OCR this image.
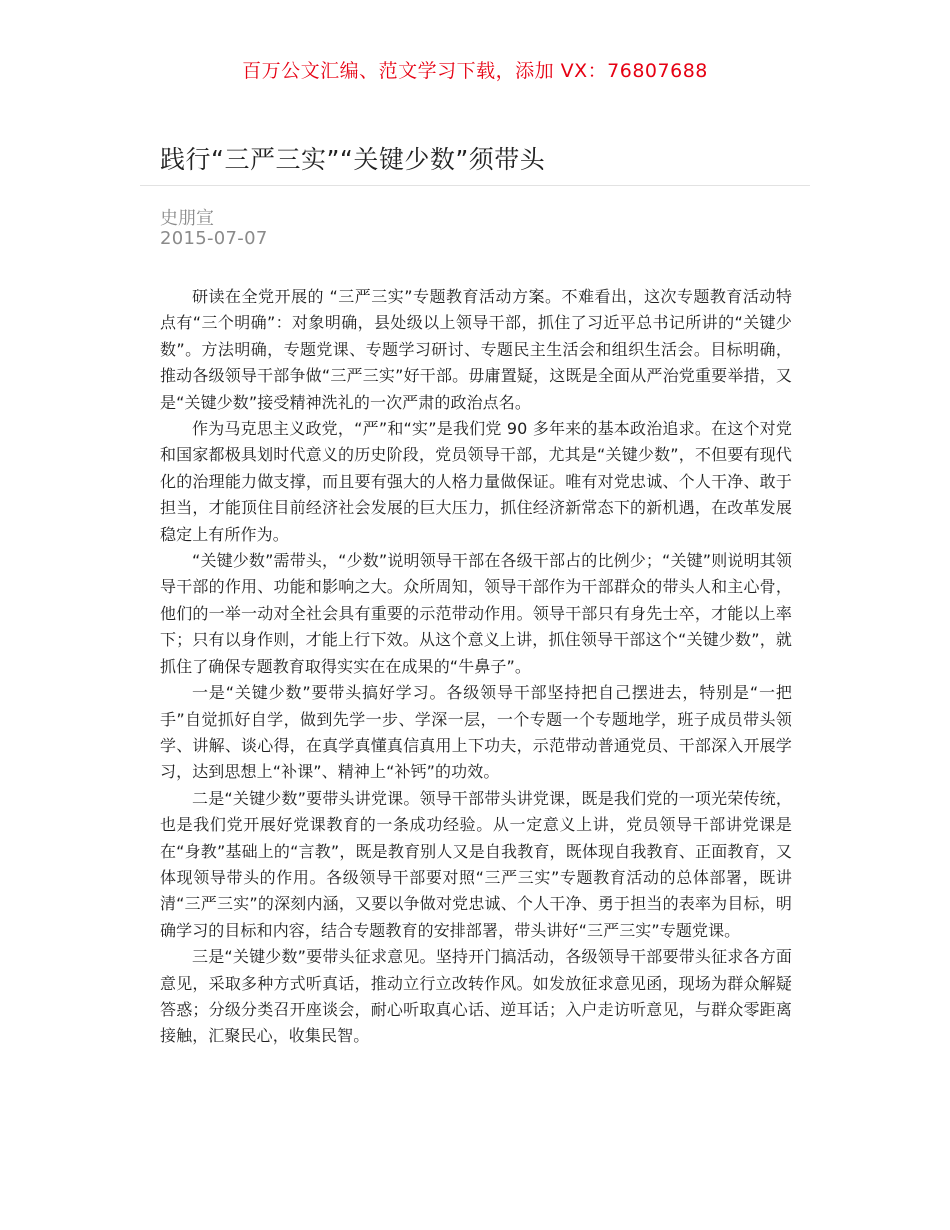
百万公文汇编、范文学习下载，添加 VX：76807688
践行“三严三实”“关键少数”须带头
史朋宣
2015-07-07

研读在全党开展的 “三严三实”专题教育活动方案。不难看出，这次专题教育活动特点有“三个明确”：对象明确，县处级以上领导干部，抓住了习近平总书记所讲的“关键少数”。方法明确，专题党课、专题学习研讨、专题民主生活会和组织生活会。目标明确，推动各级领导干部争做“三严三实”好干部。毋庸置疑，这既是全面从严治党重要举措，又是“关键少数”接受精神洗礼的一次严肃的政治点名。

作为马克思主义政党，“严”和“实”是我们党 90 多年来的基本政治追求。在这个对党和国家都极具划时代意义的历史阶段，党员领导干部，尤其是“关键少数”，不但要有现代化的治理能力做支撑，而且要有强大的人格力量做保证。唯有对党忠诚、个人干净、敢于担当，才能顶住目前经济社会发展的巨大压力，抓住经济新常态下的新机遇，在改革发展稳定上有所作为。

“关键少数”需带头，“少数”说明领导干部在各级干部占的比例少；“关键”则说明其领导干部的作用、功能和影响之大。众所周知，领导干部作为干部群众的带头人和主心骨，他们的一举一动对全社会具有重要的示范带动作用。领导干部只有身先士卒，才能以上率下；只有以身作则，才能上行下效。从这个意义上讲，抓住领导干部这个“关键少数”，就抓住了确保专题教育取得实实在在成果的“牛鼻子”。

一是“关键少数”要带头搞好学习。各级领导干部坚持把自己摆进去，特别是“一把手”自觉抓好自学，做到先学一步、学深一层，一个专题一个专题地学，班子成员带头领学、讲解、谈心得，在真学真懂真信真用上下功夫，示范带动普通党员、干部深入开展学习，达到思想上“补课”、精神上“补钙”的功效。

二是“关键少数”要带头讲党课。领导干部带头讲党课，既是我们党的一项光荣传统，也是我们党开展好党课教育的一条成功经验。从一定意义上讲，党员领导干部讲党课是在“身教”基础上的“言教”，既是教育别人又是自我教育，既体现自我教育、正面教育，又体现领导带头的作用。各级领导干部要对照“三严三实”专题教育活动的总体部署，既讲清“三严三实”的深刻内涵，又要以争做对党忠诚、个人干净、勇于担当的表率为目标，明确学习的目标和内容，结合专题教育的安排部署，带头讲好“三严三实”专题党课。

三是“关键少数”要带头征求意见。坚持开门搞活动，各级领导干部要带头征求各方面意见，采取多种方式听真话，推动立行立改转作风。如发放征求意见函，现场为群众解疑答惑；分级分类召开座谈会，耐心听取真心话、逆耳话；入户走访听意见，与群众零距离接触，汇聚民心，收集民智。
